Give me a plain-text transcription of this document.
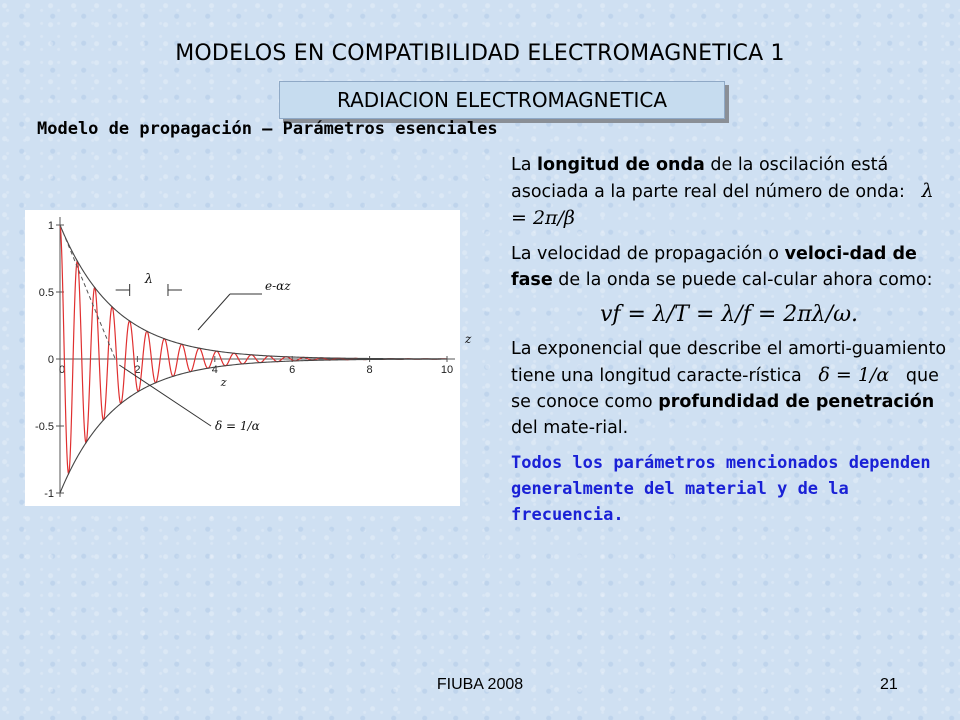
MODELOS EN COMPATIBILIDAD ELECTROMAGNETICA 1
RADIACION ELECTROMAGNETICA
Modelo de propagación – Parámetros esenciales
1
0.5
0
-0.5
-1
0	2	4	6	8	10
λ	e-αz
δ = 1/α
z
z

La longitud de onda de la oscilación está asociada a la parte real del número de onda: λ = 2π/β

La velocidad de propagación o veloci-dad de fase de la onda se puede cal-cular ahora como:

vf = λ/T = λ/f = 2πλ/ω.

La exponencial que describe el amorti-guamiento tiene una longitud caracte-rística δ = 1/α que se conoce como profundidad de penetración del mate-rial.

Todos los parámetros mencionados dependen generalmente del material y de la frecuencia.

FIUBA 2008	21
